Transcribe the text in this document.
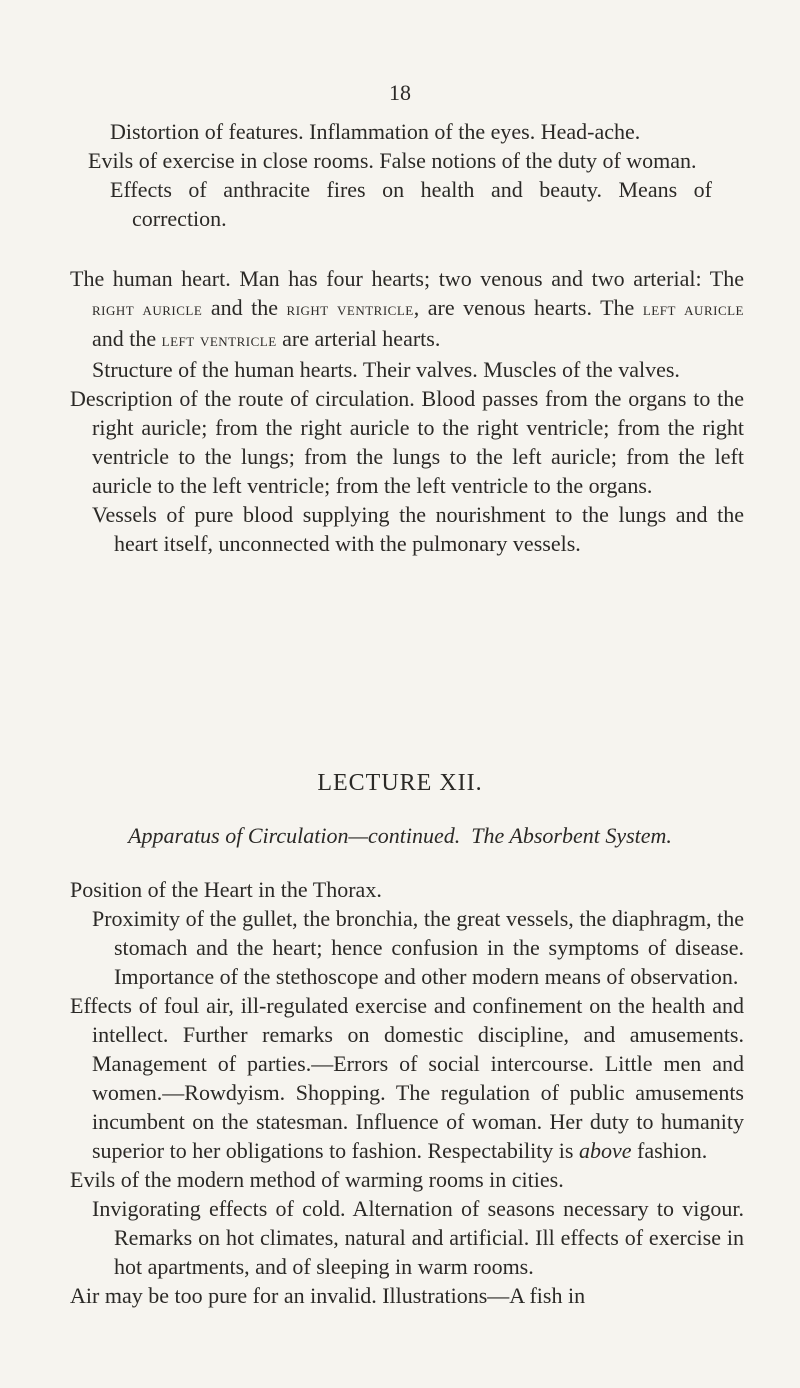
18
Distortion of features. Inflammation of the eyes. Head-ache.
Evils of exercise in close rooms. False notions of the duty of woman.
Effects of anthracite fires on health and beauty. Means of correction.
The human heart. Man has four hearts; two venous and two arterial: The right auricle and the right ventricle, are venous hearts. The left auricle and the left ventricle are arterial hearts.
Structure of the human hearts. Their valves. Muscles of the valves.
Description of the route of circulation. Blood passes from the organs to the right auricle; from the right auricle to the right ventricle; from the right ventricle to the lungs; from the lungs to the left auricle; from the left auricle to the left ventricle; from the left ventricle to the organs.
Vessels of pure blood supplying the nourishment to the lungs and the heart itself, unconnected with the pulmonary vessels.
LECTURE XII.
Apparatus of Circulation—continued. The Absorbent System.
Position of the Heart in the Thorax.
Proximity of the gullet, the bronchia, the great vessels, the diaphragm, the stomach and the heart; hence confusion in the symptoms of disease. Importance of the stethoscope and other modern means of observation.
Effects of foul air, ill-regulated exercise and confinement on the health and intellect. Further remarks on domestic discipline, and amusements. Management of parties.—Errors of social intercourse. Little men and women.—Rowdyism. Shopping. The regulation of public amusements incumbent on the statesman. Influence of woman. Her duty to humanity superior to her obligations to fashion. Respectability is above fashion.
Evils of the modern method of warming rooms in cities.
Invigorating effects of cold. Alternation of seasons necessary to vigour. Remarks on hot climates, natural and artificial. Ill effects of exercise in hot apartments, and of sleeping in warm rooms.
Air may be too pure for an invalid. Illustrations—A fish in
